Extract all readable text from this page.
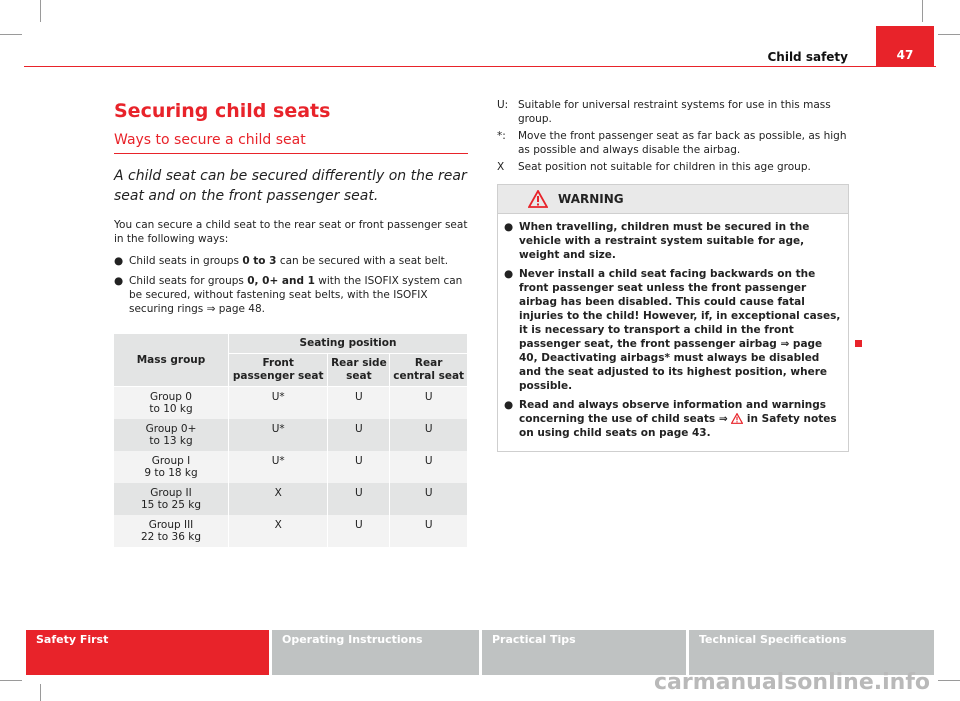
Child safety	47
Securing child seats
Ways to secure a child seat

A child seat can be secured differently on the rear seat and on the front passenger seat.

You can secure a child seat to the rear seat or front passenger seat in the following ways:

● Child seats in groups 0 to 3 can be secured with a seat belt.

● Child seats for groups 0, 0+ and 1 with the ISOFIX system can be secured, without fastening seat belts, with the ISOFIX securing rings ⇒ page 48.

Mass group	Seating position		
	Front passenger seat	Rear side seat	Rear central seat
Group 0
to 10 kg	U*	U	U
Group 0+
to 13 kg	U*	U	U
Group I
9 to 18 kg	U*	U	U
Group II
15 to 25 kg	X	U	U
Group III
22 to 36 kg	X	U	U
U: Suitable for universal restraint systems for use in this mass group.
*:	Move the front passenger seat as far back as possible, as high as possible and always disable the airbag.
X	Seat position not suitable for children in this age group.
WARNING

● When travelling, children must be secured in the vehicle with a restraint system suitable for age, weight and size.

● Never install a child seat facing backwards on the front passenger seat unless the front passenger airbag has been disabled. This could cause fatal injuries to the child! However, if, in exceptional cases, it is necessary to transport a child in the front passenger seat, the front passenger airbag ⇒ page 40, Deactivating airbags* must always be disabled and the seat adjusted to its highest position, where possible.

● Read and always observe information and warnings concerning the use of child seats ⇒  in Safety notes on using child seats on page 43.

Safety First	Operating Instructions	Practical Tips	Technical Specifications
carmanualsonline.info
